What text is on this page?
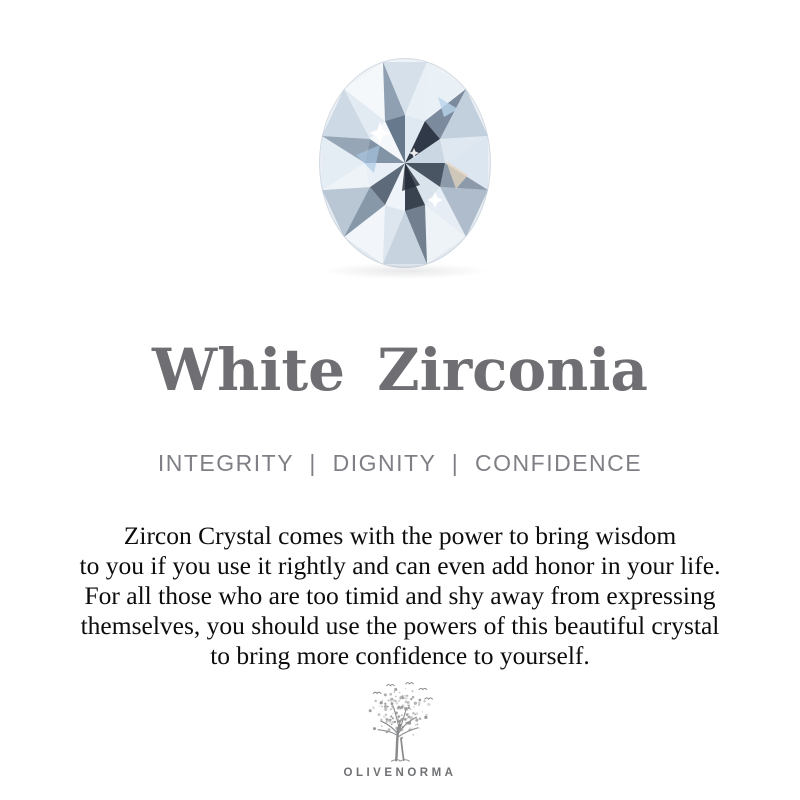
White Zirconia
INTEGRITY  |  DIGNITY  |  CONFIDENCE
Zircon Crystal comes with the power to bring wisdom
to you if you use it rightly and can even add honor in your life.
For all those who are too timid and shy away from expressing
themselves, you should use the powers of this beautiful crystal
to bring more confidence to yourself.
OLIVENORMA
